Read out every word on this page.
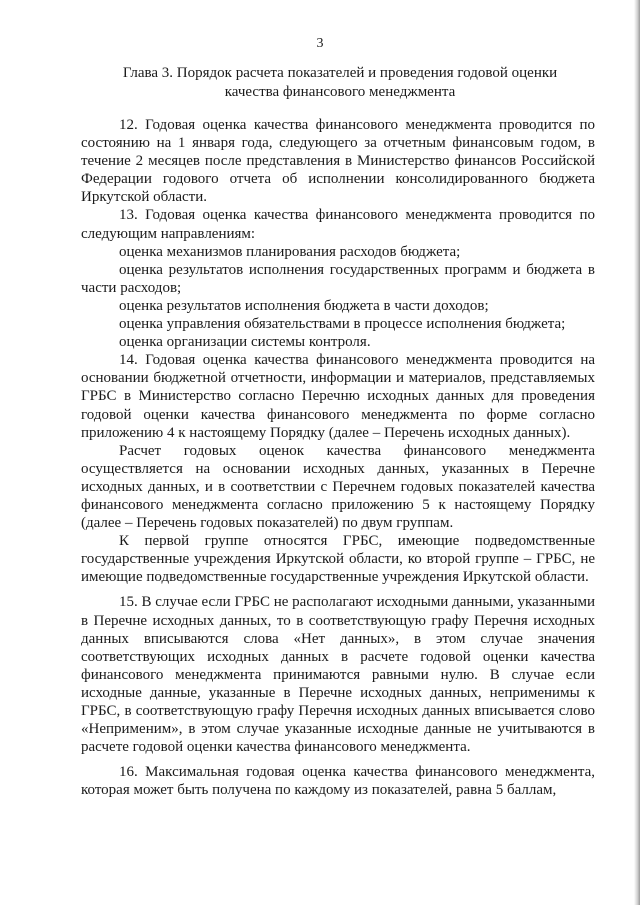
3
Глава 3. Порядок расчета показателей и проведения годовой оценки
качества финансового менеджмента

12. Годовая оценка качества финансового менеджмента проводится по состоянию на 1 января года, следующего за отчетным финансовым годом, в течение 2 месяцев после представления в Министерство финансов Российской Федерации годового отчета об исполнении консолидированного бюджета Иркутской области.

13. Годовая оценка качества финансового менеджмента проводится по следующим направлениям:

оценка механизмов планирования расходов бюджета;

оценка результатов исполнения государственных программ и бюджета в части расходов;

оценка результатов исполнения бюджета в части доходов;

оценка управления обязательствами в процессе исполнения бюджета;

оценка организации системы контроля.

14. Годовая оценка качества финансового менеджмента проводится на основании бюджетной отчетности, информации и материалов, представляемых ГРБС в Министерство согласно Перечню исходных данных для проведения годовой оценки качества финансового менеджмента по форме согласно приложению 4 к настоящему Порядку (далее – Перечень исходных данных).

Расчет годовых оценок качества финансового менеджмента осуществляется на основании исходных данных, указанных в Перечне исходных данных, и в соответствии с Перечнем годовых показателей качества финансового менеджмента согласно приложению 5 к настоящему Порядку (далее – Перечень годовых показателей) по двум группам.

К первой группе относятся ГРБС, имеющие подведомственные государственные учреждения Иркутской области, ко второй группе – ГРБС, не имеющие подведомственные государственные учреждения Иркутской области.

15. В случае если ГРБС не располагают исходными данными, указанными в Перечне исходных данных, то в соответствующую графу Перечня исходных данных вписываются слова «Нет данных», в этом случае значения соответствующих исходных данных в расчете годовой оценки качества финансового менеджмента принимаются равными нулю. В случае если исходные данные, указанные в Перечне исходных данных, неприменимы к ГРБС, в соответствующую графу Перечня исходных данных вписывается слово «Неприменим», в этом случае указанные исходные данные не учитываются в расчете годовой оценки качества финансового менеджмента.

16. Максимальная годовая оценка качества финансового менеджмента, которая может быть получена по каждому из показателей, равна 5 баллам,
